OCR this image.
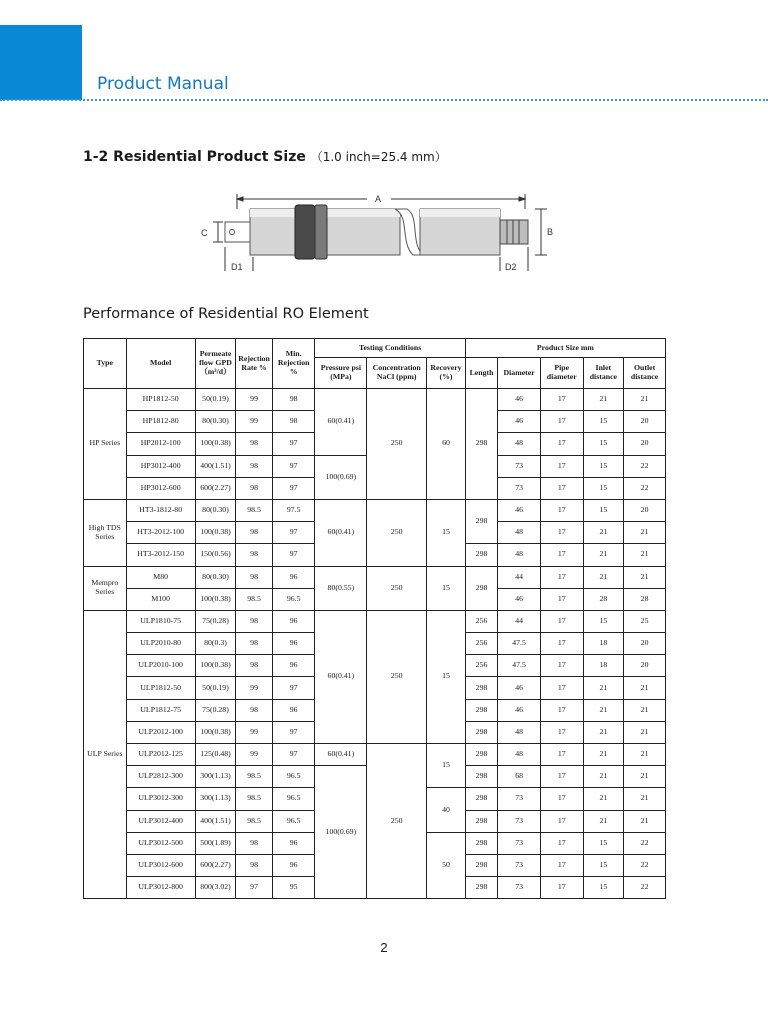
Product Manual
1-2 Residential Product Size （1.0 inch=25.4 mm）
A
C	B
D1	D2
Performance of Residential RO Element
Type	Model	Permeate flow GPD（m³/d）	Rejection Rate %	Min. Rejection %	Testing Conditions			Product Size mm				
					Pressure psi (MPa)	Concentration NaCl (ppm)	Recovery (%)	Length	Diameter	Pipe diameter	Inlet distance	Outlet distance
HP Series	HP1812-50	50(0.19)	99	98	60(0.41)	250	60	298	46	17	21	21
	HP1812-80	80(0.30)	99	98					46	17	15	20
	HP2012-100	100(0.38)	98	97					48	17	15	20
	HP3012-400	400(1.51)	98	97	100(0.69)				73	17	15	22
	HP3012-600	600(2.27)	98	97					73	17	15	22
High TDS Series	HT3-1812-80	80(0.30)	98.5	97.5	60(0.41)	250	15	298	46	17	15	20
	HT3-2012-100	100(0.38)	98	97					48	17	21	21
	HT3-2012-150	150(0.56)	98	97				298	48	17	21	21
Mempro Series	M80	80(0.30)	98	96	80(0.55)	250	15	298	44	17	21	21
	M100	100(0.38)	98.5	96.5					46	17	28	28
ULP Series	ULP1810-75	75(0.28)	98	96	60(0.41)	250	15	256	44	17	15	25
	ULP2010-80	80(0.3)	98	96				256	47.5	17	18	20
	ULP2010-100	100(0.38)	98	96				256	47.5	17	18	20
	ULP1812-50	50(0.19)	99	97				298	46	17	21	21
	ULP1812-75	75(0.28)	98	96				298	46	17	21	21
	ULP2012-100	100(0.38)	99	97				298	48	17	21	21
	ULP2012-125	125(0.48)	99	97	60(0.41)	250	15	298	48	17	21	21
	ULP2812-300	300(1.13)	98.5	96.5	100(0.69)			298	68	17	21	21
	ULP3012-300	300(1.13)	98.5	96.5			40	298	73	17	21	21
	ULP3012-400	400(1.51)	98.5	96.5				298	73	17	21	21
	ULP3012-500	500(1.89)	98	96			50	298	73	17	15	22
	ULP3012-600	600(2.27)	98	96				298	73	17	15	22
	ULP3012-800	800(3.02)	97	95				298	73	17	15	22
2
